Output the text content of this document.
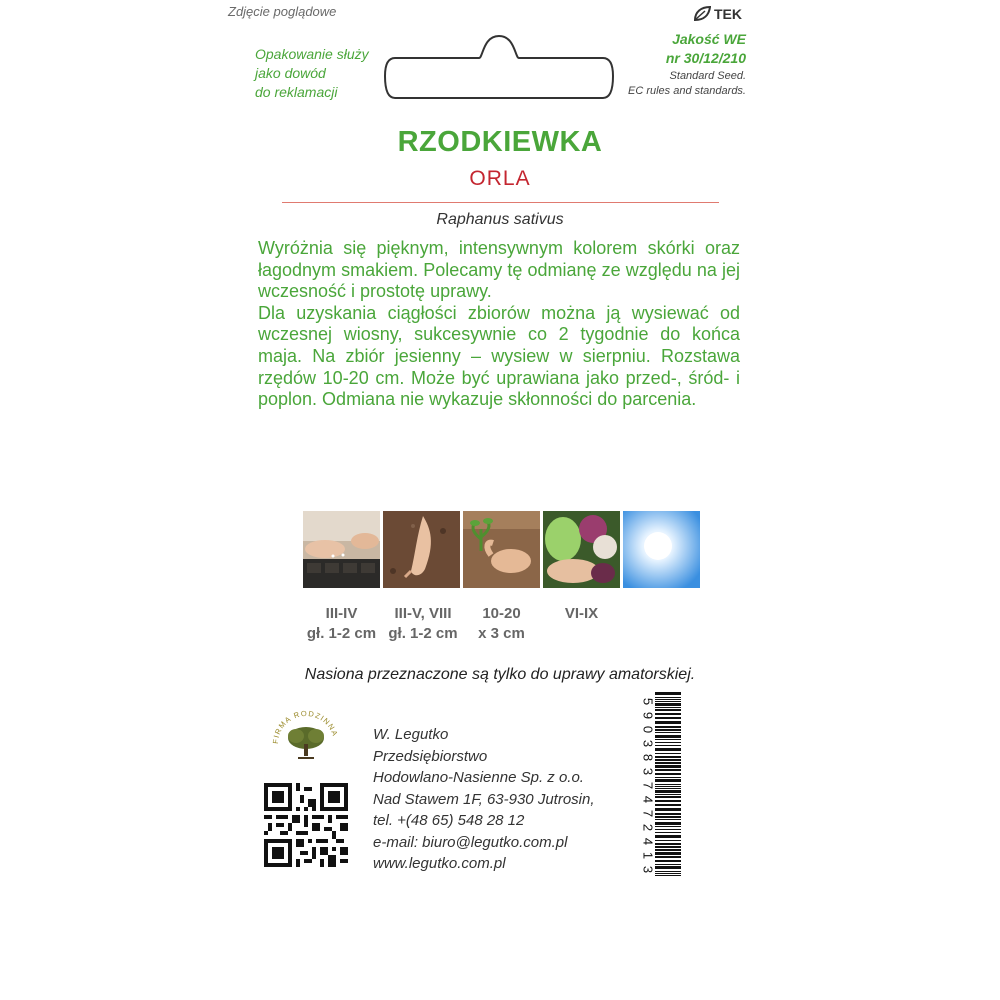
Zdjęcie poglądowe
Opakowanie służy
jako dowód
do reklamacji
TEK
Jakość WE
nr 30/12/210
Standard Seed.
EC rules and standards.
RZODKIEWKA
ORLA
Raphanus sativus

Wyróżnia się pięknym, intensywnym kolorem skórki oraz łagodnym smakiem. Polecamy tę odmianę ze względu na jej wczesność i prostotę uprawy.

Dla uzyskania ciągłości zbiorów można ją wysiewać od wczesnej wiosny, sukcesywnie co 2 tygodnie do końca maja. Na zbiór jesienny – wysiew w sierpniu. Rozstawa rzędów 10-20 cm. Może być uprawiana jako przed-, śród- i poplon. Odmiana nie wykazuje skłonności do parcenia.

III-IV
gł. 1-2 cm
III-V, VIII
gł. 1-2 cm
10-20
x 3 cm
VI-IX
Nasiona przeznaczone są tylko do uprawy amatorskiej.
FIRMA RODZINNA W. Legutko
Przedsiębiorstwo
Hodowlano-Nasienne Sp. z o.o.
Nad Stawem 1F, 63-930 Jutrosin,
tel. +(48 65) 548 28 12
e-mail: biuro@legutko.com.pl
www.legutko.com.pl
5
9
0
3
8
3
7
4
7
2
4
1
3
